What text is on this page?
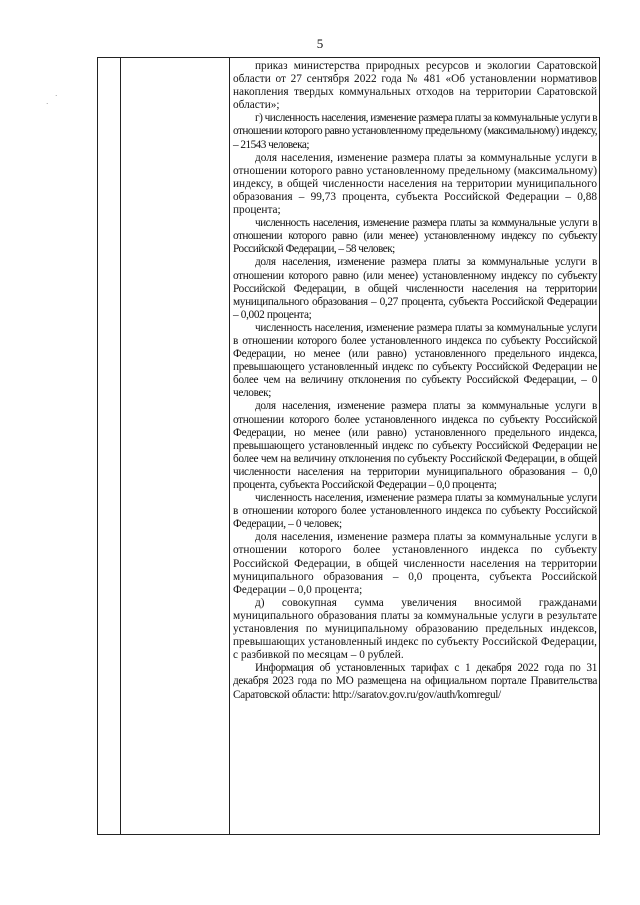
5
·
·

приказ министерства природных ресурсов и экологии Саратовской области от 27 сентября 2022 года № 481 «Об установлении нормативов накопления твердых коммунальных отходов на территории Саратовской области»;

г) численность населения, изменение размера платы за коммунальные услуги в отношении которого равно установленному предельному (максимальному) индексу, – 21543 человека;

доля населения, изменение размера платы за коммунальные услуги в отношении которого равно установленному предельному (максимальному) индексу, в общей численности населения на территории муниципального образования – 99,73 процента, субъекта Российской Федерации – 0,88 процента;

численность населения, изменение размера платы за коммунальные услуги в отношении которого равно (или менее) установленному индексу по субъекту Российской Федерации, – 58 человек;

доля населения, изменение размера платы за коммунальные услуги в отношении которого равно (или менее) установленному индексу по субъекту Российской Федерации, в общей численности населения на территории муниципального образования – 0,27 процента, субъекта Российской Федерации – 0,002 процента;

численность населения, изменение размера платы за коммунальные услуги в отношении которого более установленного индекса по субъекту Российской Федерации, но менее (или равно) установленного предельного индекса, превышающего установленный индекс по субъекту Российской Федерации не более чем на величину отклонения по субъекту Российской Федерации, – 0 человек;

доля населения, изменение размера платы за коммунальные услуги в отношении которого более установленного индекса по субъекту Российской Федерации, но менее (или равно) установленного предельного индекса, превышающего установленный индекс по субъекту Российской Федерации не более чем на величину отклонения по субъекту Российской Федерации, в общей численности населения на территории муниципального образования – 0,0 процента, субъекта Российской Федерации – 0,0 процента;

численность населения, изменение размера платы за коммунальные услуги в отношении которого более установленного индекса по субъекту Российской Федерации, – 0 человек;

доля населения, изменение размера платы за коммунальные услуги в отношении которого более установленного индекса по субъекту Российской Федерации, в общей численности населения на территории муниципального образования – 0,0 процента, субъекта Российской Федерации – 0,0 процента;

д) совокупная сумма увеличения вносимой гражданами муниципального образования платы за коммунальные услуги в результате установления по муниципальному образованию предельных индексов, превышающих установленный индекс по субъекту Российской Федерации, с разбивкой по месяцам – 0 рублей.

Информация об установленных тарифах с 1 декабря 2022 года по 31 декабря 2023 года по МО размещена на официальном портале Правительства Саратовской области: http://saratov.gov.ru/gov/auth/komregul/
